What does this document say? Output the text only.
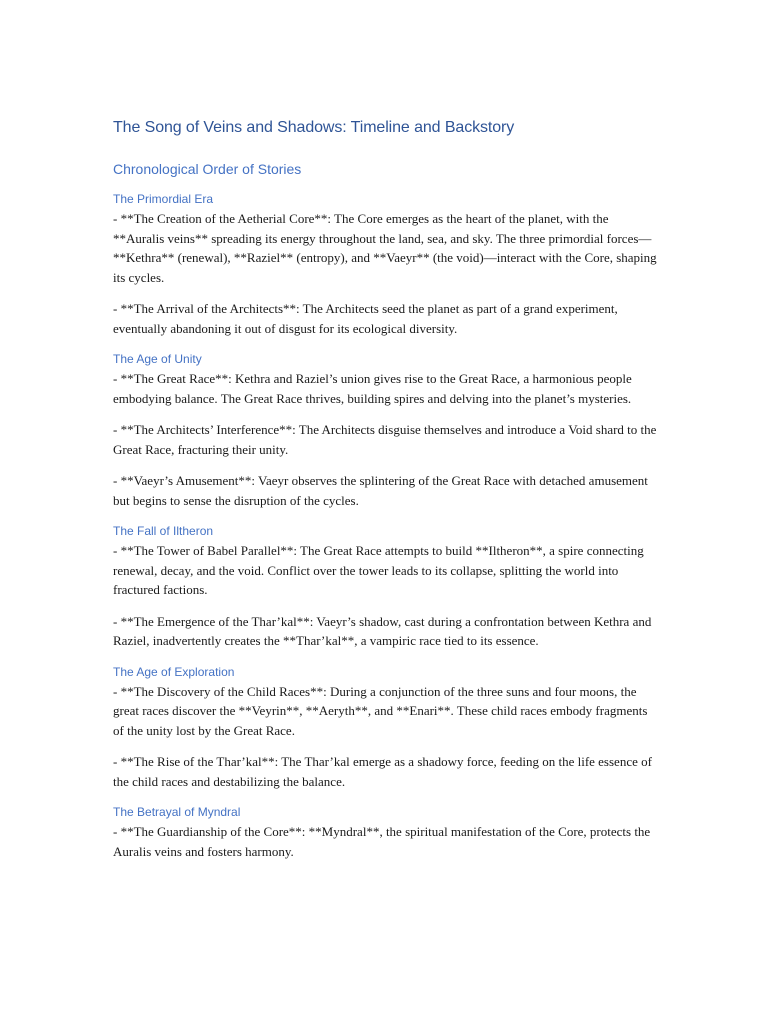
The Song of Veins and Shadows: Timeline and Backstory
Chronological Order of Stories
The Primordial Era

- **The Creation of the Aetherial Core**: The Core emerges as the heart of the planet, with the **Auralis veins** spreading its energy throughout the land, sea, and sky. The three primordial forces—**Kethra** (renewal), **Raziel** (entropy), and **Vaeyr** (the void)—interact with the Core, shaping its cycles.

- **The Arrival of the Architects**: The Architects seed the planet as part of a grand experiment, eventually abandoning it out of disgust for its ecological diversity.

The Age of Unity

- **The Great Race**: Kethra and Raziel’s union gives rise to the Great Race, a harmonious people embodying balance. The Great Race thrives, building spires and delving into the planet’s mysteries.

- **The Architects’ Interference**: The Architects disguise themselves and introduce a Void shard to the Great Race, fracturing their unity.

- **Vaeyr’s Amusement**: Vaeyr observes the splintering of the Great Race with detached amusement but begins to sense the disruption of the cycles.

The Fall of Iltheron

- **The Tower of Babel Parallel**: The Great Race attempts to build **Iltheron**, a spire connecting renewal, decay, and the void. Conflict over the tower leads to its collapse, splitting the world into fractured factions.

- **The Emergence of the Thar’kal**: Vaeyr’s shadow, cast during a confrontation between Kethra and Raziel, inadvertently creates the **Thar’kal**, a vampiric race tied to its essence.

The Age of Exploration

- **The Discovery of the Child Races**: During a conjunction of the three suns and four moons, the great races discover the **Veyrin**, **Aeryth**, and **Enari**. These child races embody fragments of the unity lost by the Great Race.

- **The Rise of the Thar’kal**: The Thar’kal emerge as a shadowy force, feeding on the life essence of the child races and destabilizing the balance.

The Betrayal of Myndral

- **The Guardianship of the Core**: **Myndral**, the spiritual manifestation of the Core, protects the Auralis veins and fosters harmony.
